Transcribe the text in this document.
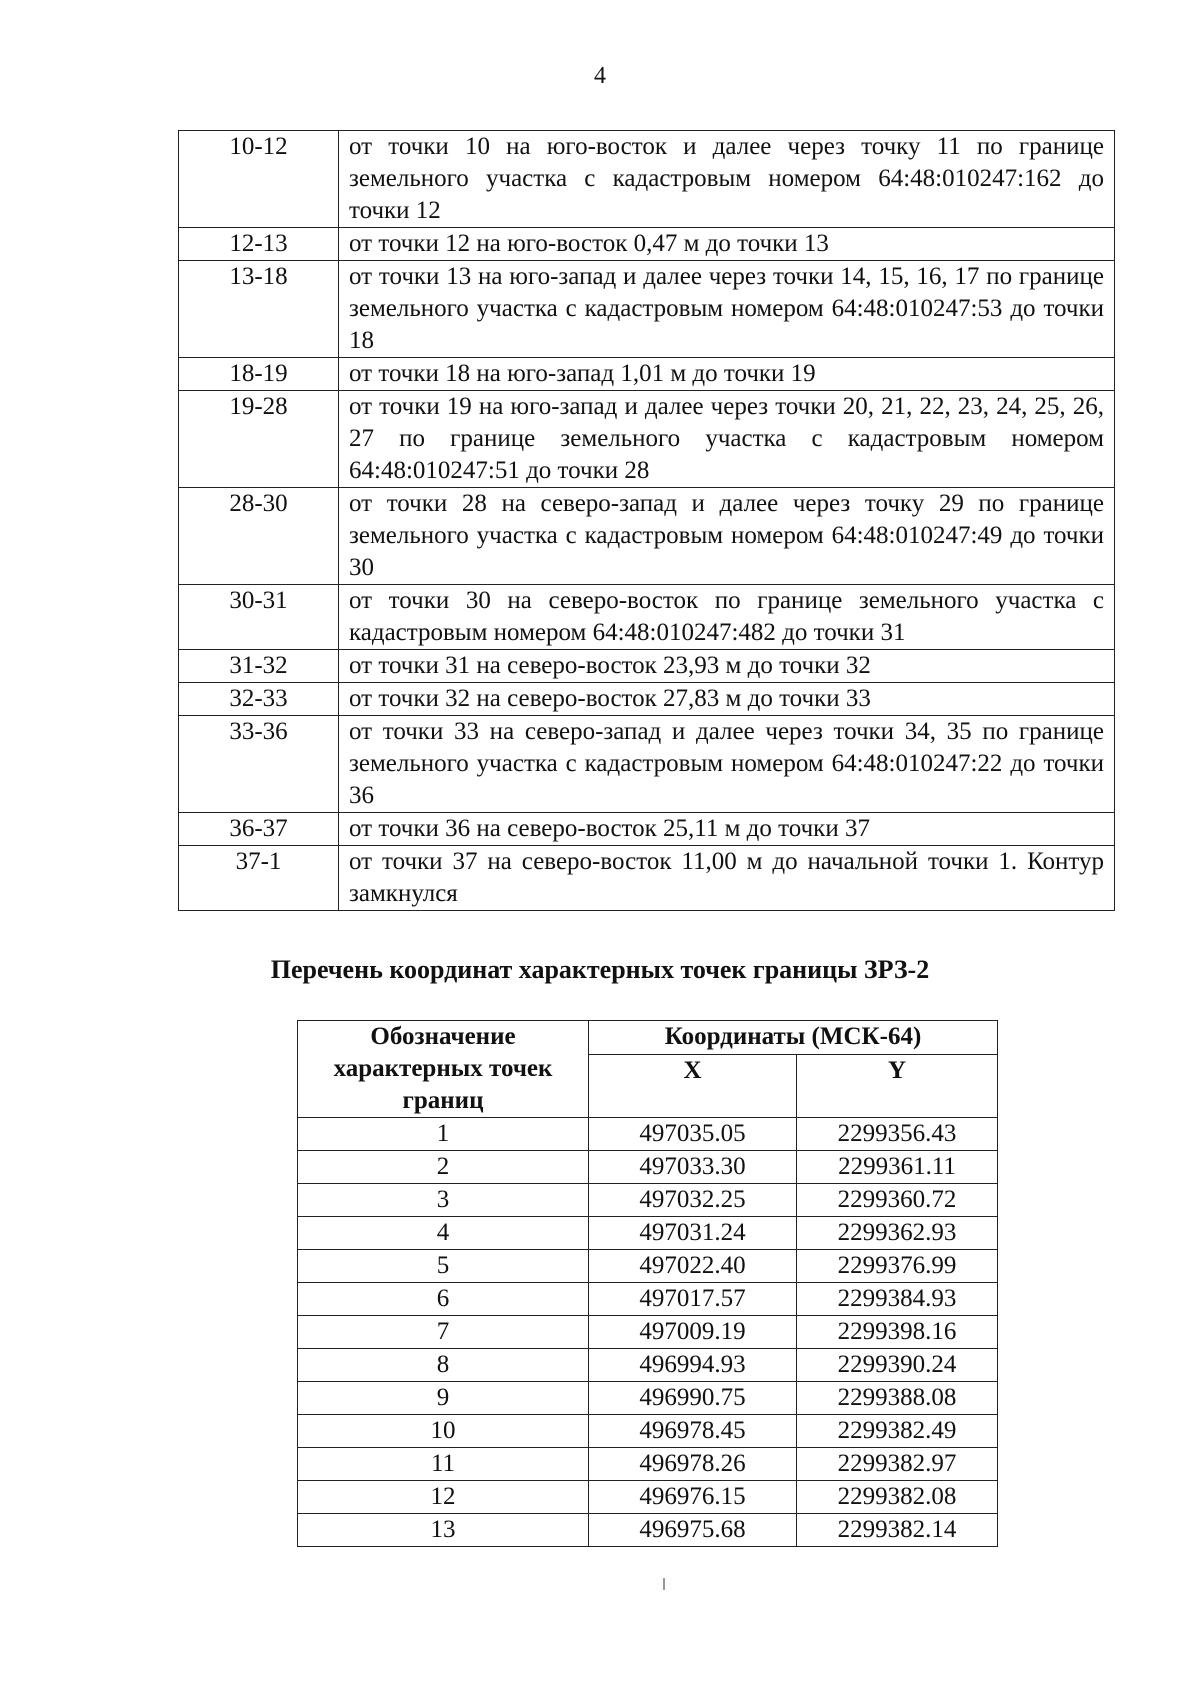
4
10-12	от точки 10 на юго-восток и далее через точку 11 по границе земельного участка с кадастровым номером 64:48:010247:162 до точки 12
12-13	от точки 12 на юго-восток 0,47 м до точки 13
13-18	от точки 13 на юго-запад и далее через точки 14, 15, 16, 17 по границе земельного участка с кадастровым номером 64:48:010247:53 до точки 18
18-19	от точки 18 на юго-запад 1,01 м до точки 19
19-28	от точки 19 на юго-запад и далее через точки 20, 21, 22, 23, 24, 25, 26, 27 по границе земельного участка с кадастровым номером 64:48:010247:51 до точки 28
28-30	от точки 28 на северо-запад и далее через точку 29 по границе земельного участка с кадастровым номером 64:48:010247:49 до точки 30
30-31	от точки 30 на северо-восток по границе земельного участка с кадастровым номером 64:48:010247:482 до точки 31
31-32	от точки 31 на северо-восток 23,93 м до точки 32
32-33	от точки 32 на северо-восток 27,83 м до точки 33
33-36	от точки 33 на северо-запад и далее через точки 34, 35 по границе земельного участка с кадастровым номером 64:48:010247:22 до точки 36
36-37	от точки 36 на северо-восток 25,11 м до точки 37
37-1	от точки 37 на северо-восток 11,00 м до начальной точки 1. Контур замкнулся
Перечень координат характерных точек границы ЗРЗ-2
Обозначение характерных точек границ	Координаты (МСК-64)	
	X	Y
1	497035.05	2299356.43
2	497033.30	2299361.11
3	497032.25	2299360.72
4	497031.24	2299362.93
5	497022.40	2299376.99
6	497017.57	2299384.93
7	497009.19	2299398.16
8	496994.93	2299390.24
9	496990.75	2299388.08
10	496978.45	2299382.49
11	496978.26	2299382.97
12	496976.15	2299382.08
13	496975.68	2299382.14
